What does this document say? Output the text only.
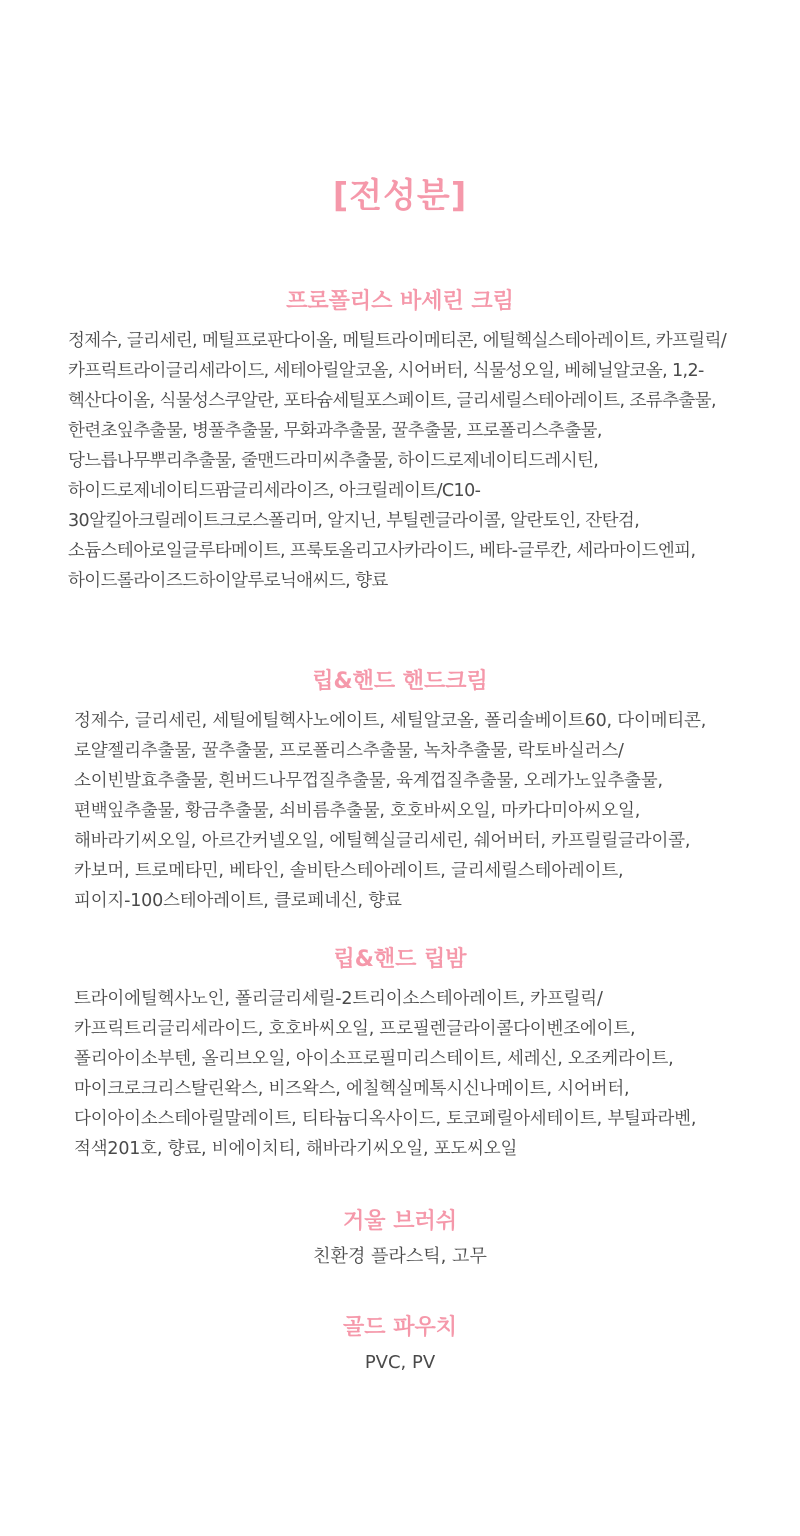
[전성분]
프로폴리스 바세린 크림
정제수, 글리세린, 메틸프로판다이올, 메틸트라이메티콘, 에틸헥실스테아레이트, 카프릴릭/카프릭트라이글리세라이드, 세테아릴알코올, 시어버터, 식물성오일, 베헤닐알코올, 1,2-헥산다이올, 식물성스쿠알란, 포타슘세틸포스페이트, 글리세릴스테아레이트, 조류추출물, 한련초잎추출물, 병풀추출물, 무화과추출물, 꿀추출물, 프로폴리스추출물, 당느릅나무뿌리추출물, 줄맨드라미씨추출물, 하이드로제네이티드레시틴, 하이드로제네이티드팜글리세라이즈, 아크릴레이트/C10-30알킬아크릴레이트크로스폴리머, 알지닌, 부틸렌글라이콜, 알란토인, 잔탄검, 소듐스테아로일글루타메이트, 프룩토올리고사카라이드, 베타-글루칸, 세라마이드엔피, 하이드롤라이즈드하이알루로닉애씨드, 향료
립&핸드 핸드크림
정제수, 글리세린, 세틸에틸헥사노에이트, 세틸알코올, 폴리솔베이트60, 다이메티콘, 로얄젤리추출물, 꿀추출물, 프로폴리스추출물, 녹차추출물, 락토바실러스/소이빈발효추출물, 흰버드나무껍질추출물, 육계껍질추출물, 오레가노잎추출물, 편백잎추출물, 황금추출물, 쇠비름추출물, 호호바씨오일, 마카다미아씨오일, 해바라기씨오일, 아르간커넬오일, 에틸헥실글리세린, 쉐어버터, 카프릴릴글라이콜, 카보머, 트로메타민, 베타인, 솔비탄스테아레이트, 글리세릴스테아레이트, 피이지-100스테아레이트, 클로페네신, 향료
립&핸드 립밤
트라이에틸헥사노인, 폴리글리세릴-2트리이소스테아레이트, 카프릴릭/카프릭트리글리세라이드, 호호바씨오일, 프로필렌글라이콜다이벤조에이트, 폴리아이소부텐, 올리브오일, 아이소프로필미리스테이트, 세레신, 오조케라이트, 마이크로크리스탈린왁스, 비즈왁스, 에칠헥실메톡시신나메이트, 시어버터, 다이아이소스테아릴말레이트, 티타늄디옥사이드, 토코페릴아세테이트, 부틸파라벤, 적색201호, 향료, 비에이치티, 해바라기씨오일, 포도씨오일
거울 브러쉬
친환경 플라스틱, 고무
골드 파우치
PVC, PV
